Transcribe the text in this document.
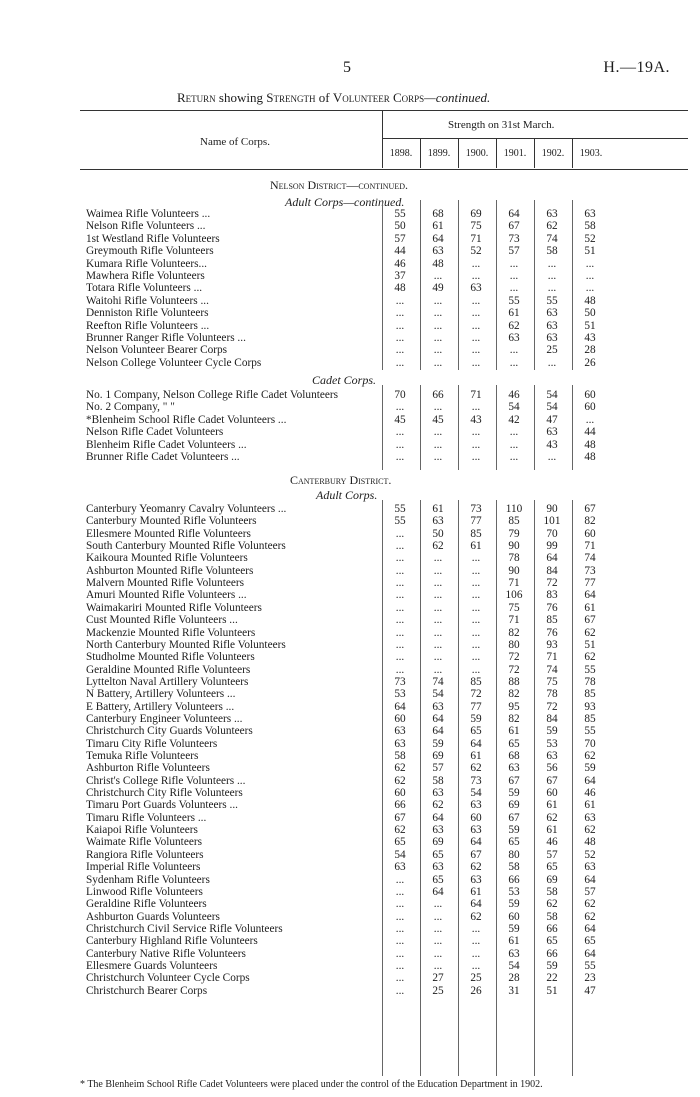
5	H.—19A.
Return showing Strength of Volunteer Corps—continued.
Name of Corps.
Strength on 31st March.
1898.	1899.	1900.	1901.	1902.	1903.
Nelson District—continued.
Adult Corps—continued.
Cadet Corps.
Canterbury District.
Adult Corps.
Waimea Rifle Volunteers ...	55	68	69	64	63	63
Nelson Rifle Volunteers ...	50	61	75	67	62	58
1st Westland Rifle Volunteers	57	64	71	73	74	52
Greymouth Rifle Volunteers	44	63	52	57	58	51
Kumara Rifle Volunteers...	46	48	...	...	...	...
Mawhera Rifle Volunteers	37	...	...	...	...	...
Totara Rifle Volunteers ...	48	49	63	...	...	...
Waitohi Rifle Volunteers ...	...	...	...	55	55	48
Denniston Rifle Volunteers	...	...	...	61	63	50
Reefton Rifle Volunteers ...	...	...	...	62	63	51
Brunner Ranger Rifle Volunteers ...	...	...	...	63	63	43
Nelson Volunteer Bearer Corps	...	...	...	...	25	28
Nelson College Volunteer Cycle Corps	...	...	...	...	...	26
No. 1 Company, Nelson College Rifle Cadet Volunteers	70	66	71	46	54	60
No. 2 Company, " "	...	...	...	54	54	60
*Blenheim School Rifle Cadet Volunteers ...	45	45	43	42	47	...
Nelson Rifle Cadet Volunteers	...	...	...	...	63	44
Blenheim Rifle Cadet Volunteers ...	...	...	...	...	43	48
Brunner Rifle Cadet Volunteers ...	...	...	...	...	...	48
Canterbury Yeomanry Cavalry Volunteers ...	55	61	73	110	90	67
Canterbury Mounted Rifle Volunteers	55	63	77	85	101	82
Ellesmere Mounted Rifle Volunteers	...	50	85	79	70	60
South Canterbury Mounted Rifle Volunteers	...	62	61	90	99	71
Kaikoura Mounted Rifle Volunteers	...	...	...	78	64	74
Ashburton Mounted Rifle Volunteers	...	...	...	90	84	73
Malvern Mounted Rifle Volunteers	...	...	...	71	72	77
Amuri Mounted Rifle Volunteers ...	...	...	...	106	83	64
Waimakariri Mounted Rifle Volunteers	...	...	...	75	76	61
Cust Mounted Rifle Volunteers ...	...	...	...	71	85	67
Mackenzie Mounted Rifle Volunteers	...	...	...	82	76	62
North Canterbury Mounted Rifle Volunteers	...	...	...	80	93	51
Studholme Mounted Rifle Volunteers	...	...	...	72	71	62
Geraldine Mounted Rifle Volunteers	...	...	...	72	74	55
Lyttelton Naval Artillery Volunteers	73	74	85	88	75	78
N Battery, Artillery Volunteers ...	53	54	72	82	78	85
E Battery, Artillery Volunteers ...	64	63	77	95	72	93
Canterbury Engineer Volunteers ...	60	64	59	82	84	85
Christchurch City Guards Volunteers	63	64	65	61	59	55
Timaru City Rifle Volunteers	63	59	64	65	53	70
Temuka Rifle Volunteers	58	69	61	68	63	62
Ashburton Rifle Volunteers	62	57	62	63	56	59
Christ's College Rifle Volunteers ...	62	58	73	67	67	64
Christchurch City Rifle Volunteers	60	63	54	59	60	46
Timaru Port Guards Volunteers ...	66	62	63	69	61	61
Timaru Rifle Volunteers ...	67	64	60	67	62	63
Kaiapoi Rifle Volunteers	62	63	63	59	61	62
Waimate Rifle Volunteers	65	69	64	65	46	48
Rangiora Rifle Volunteers	54	65	67	80	57	52
Imperial Rifle Volunteers	63	63	62	58	65	63
Sydenham Rifle Volunteers	...	65	63	66	69	64
Linwood Rifle Volunteers	...	64	61	53	58	57
Geraldine Rifle Volunteers	...	...	64	59	62	62
Ashburton Guards Volunteers	...	...	62	60	58	62
Christchurch Civil Service Rifle Volunteers	...	...	...	59	66	64
Canterbury Highland Rifle Volunteers	...	...	...	61	65	65
Canterbury Native Rifle Volunteers	...	...	...	63	66	64
Ellesmere Guards Volunteers	...	...	...	54	59	55
Christchurch Volunteer Cycle Corps	...	27	25	28	22	23
Christchurch Bearer Corps	...	25	26	31	51	47
* The Blenheim School Rifle Cadet Volunteers were placed under the control of the Education Department in 1902.
